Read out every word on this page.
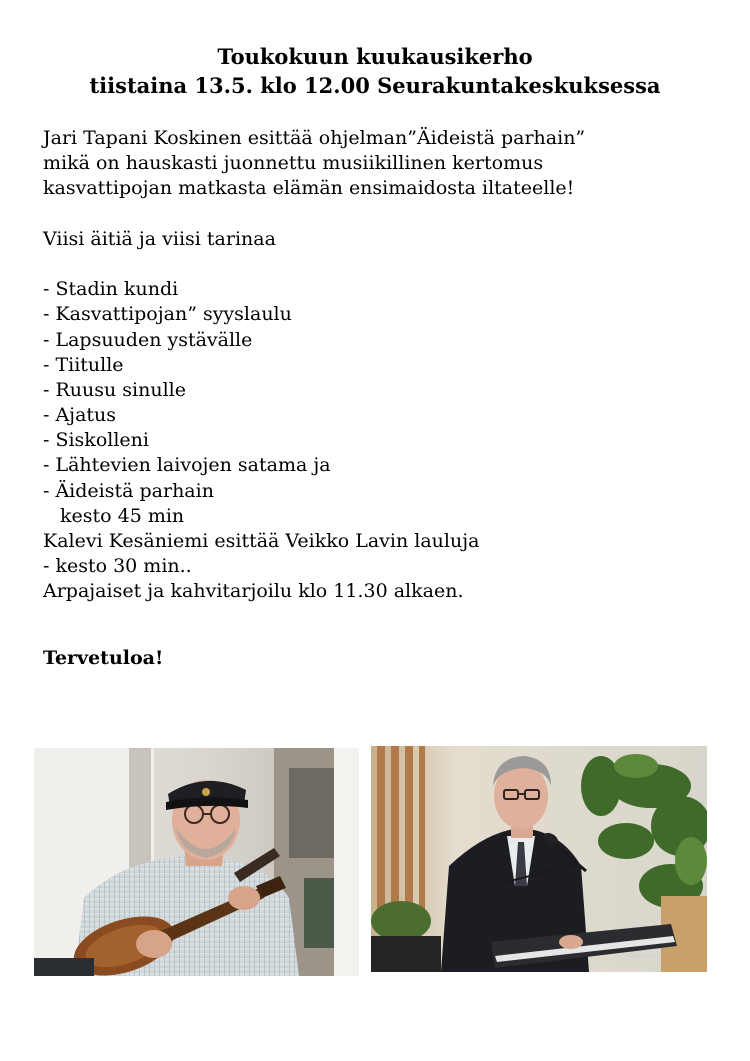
Toukokuun kuukausikerho
tiistaina 13.5. klo 12.00 Seurakuntakeskuksessa
Jari Tapani Koskinen esittää ohjelman”Äideistä parhain”
mikä on hauskasti juonnettu musiikillinen kertomus
kasvattipojan matkasta elämän ensimaidosta iltateelle!
Viisi äitiä ja viisi tarinaa
- Stadin kundi
- Kasvattipojan” syyslaulu
- Lapsuuden ystävälle
- Tiitulle
- Ruusu sinulle
- Ajatus
- Siskolleni
- Lähtevien laivojen satama ja
- Äideistä parhain
kesto 45 min
Kalevi Kesäniemi esittää Veikko Lavin lauluja
- kesto 30 min..
Arpajaiset ja kahvitarjoilu klo 11.30 alkaen.
Tervetuloa!
YAMAHA
